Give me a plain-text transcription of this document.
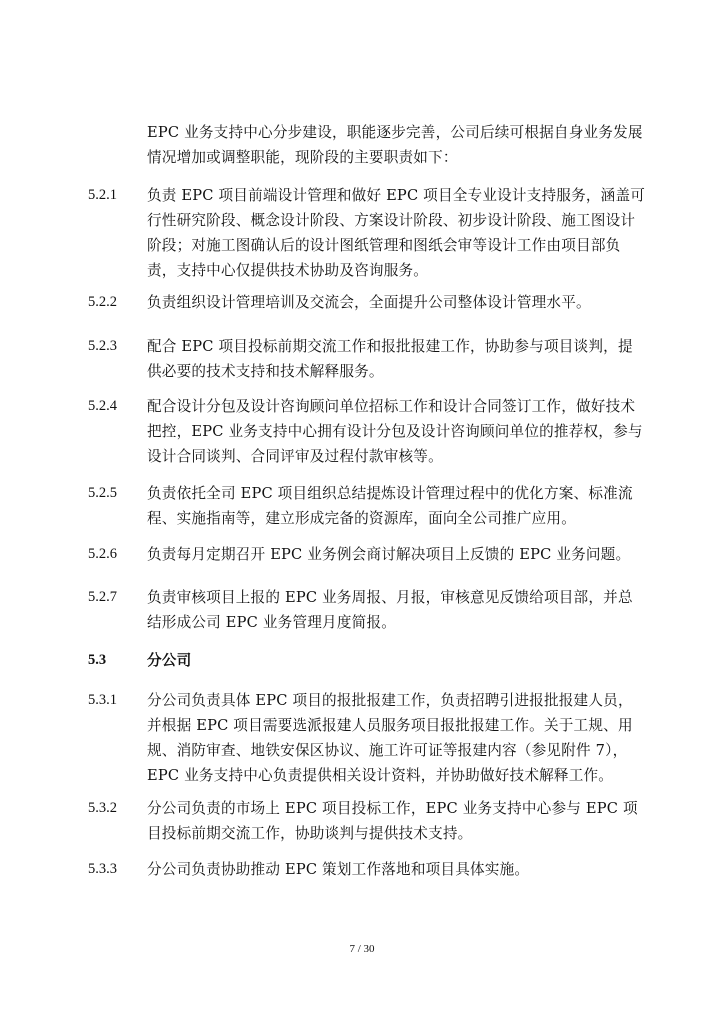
EPC 业务支持中心分步建设，职能逐步完善，公司后续可根据自身业务发展情况增加或调整职能，现阶段的主要职责如下：
5.2.1 负责 EPC 项目前端设计管理和做好 EPC 项目全专业设计支持服务，涵盖可行性研究阶段、概念设计阶段、方案设计阶段、初步设计阶段、施工图设计阶段；对施工图确认后的设计图纸管理和图纸会审等设计工作由项目部负责，支持中心仅提供技术协助及咨询服务。
5.2.2 负责组织设计管理培训及交流会，全面提升公司整体设计管理水平。
5.2.3 配合 EPC 项目投标前期交流工作和报批报建工作，协助参与项目谈判，提供必要的技术支持和技术解释服务。
5.2.4 配合设计分包及设计咨询顾问单位招标工作和设计合同签订工作，做好技术把控，EPC 业务支持中心拥有设计分包及设计咨询顾问单位的推荐权，参与设计合同谈判、合同评审及过程付款审核等。
5.2.5 负责依托全司 EPC 项目组织总结提炼设计管理过程中的优化方案、标准流程、实施指南等，建立形成完备的资源库，面向全公司推广应用。
5.2.6 负责每月定期召开 EPC 业务例会商讨解决项目上反馈的 EPC 业务问题。
5.2.7 负责审核项目上报的 EPC 业务周报、月报，审核意见反馈给项目部，并总结形成公司 EPC 业务管理月度简报。
5.3	分公司
5.3.1 分公司负责具体 EPC 项目的报批报建工作，负责招聘引进报批报建人员，并根据 EPC 项目需要选派报建人员服务项目报批报建工作。关于工规、用规、消防审查、地铁安保区协议、施工许可证等报建内容（参见附件 7），EPC 业务支持中心负责提供相关设计资料，并协助做好技术解释工作。
5.3.2 分公司负责的市场上 EPC 项目投标工作，EPC 业务支持中心参与 EPC 项目投标前期交流工作，协助谈判与提供技术支持。
5.3.3 分公司负责协助推动 EPC 策划工作落地和项目具体实施。
7 / 30
